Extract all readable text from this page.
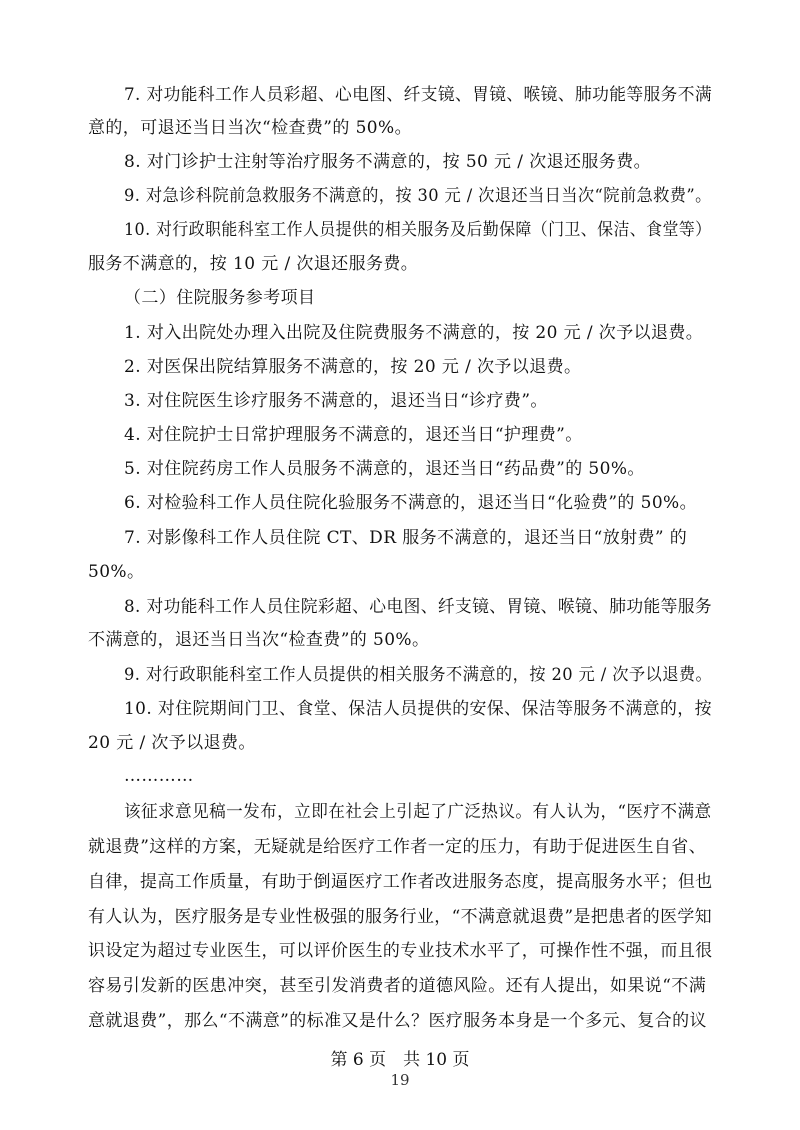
7. 对功能科工作人员彩超、心电图、纤支镜、胃镜、喉镜、肺功能等服务不满
意的，可退还当日当次“检查费”的 50%。
8. 对门诊护士注射等治疗服务不满意的，按 50 元 / 次退还服务费。
9. 对急诊科院前急救服务不满意的，按 30 元 / 次退还当日当次“院前急救费”。
10. 对行政职能科室工作人员提供的相关服务及后勤保障（门卫、保洁、食堂等）
服务不满意的，按 10 元 / 次退还服务费。
（二）住院服务参考项目
1. 对入出院处办理入出院及住院费服务不满意的，按 20 元 / 次予以退费。
2. 对医保出院结算服务不满意的，按 20 元 / 次予以退费。
3. 对住院医生诊疗服务不满意的，退还当日“诊疗费”。
4. 对住院护士日常护理服务不满意的，退还当日“护理费”。
5. 对住院药房工作人员服务不满意的，退还当日“药品费”的 50%。
6. 对检验科工作人员住院化验服务不满意的，退还当日“化验费”的 50%。
7. 对影像科工作人员住院 CT、DR 服务不满意的，退还当日“放射费” 的
50%。
8. 对功能科工作人员住院彩超、心电图、纤支镜、胃镜、喉镜、肺功能等服务
不满意的，退还当日当次“检查费”的 50%。
9. 对行政职能科室工作人员提供的相关服务不满意的，按 20 元 / 次予以退费。
10. 对住院期间门卫、食堂、保洁人员提供的安保、保洁等服务不满意的，按
20 元 / 次予以退费。
…………
该征求意见稿一发布，立即在社会上引起了广泛热议。有人认为，“医疗不满意
就退费”这样的方案，无疑就是给医疗工作者一定的压力，有助于促进医生自省、
自律，提高工作质量，有助于倒逼医疗工作者改进服务态度，提高服务水平；但也
有人认为，医疗服务是专业性极强的服务行业，“不满意就退费”是把患者的医学知
识设定为超过专业医生，可以评价医生的专业技术水平了，可操作性不强，而且很
容易引发新的医患冲突，甚至引发消费者的道德风险。还有人提出，如果说“不满
意就退费”，那么“不满意”的标准又是什么？医疗服务本身是一个多元、复合的议
第 6 页　共 10 页
19
